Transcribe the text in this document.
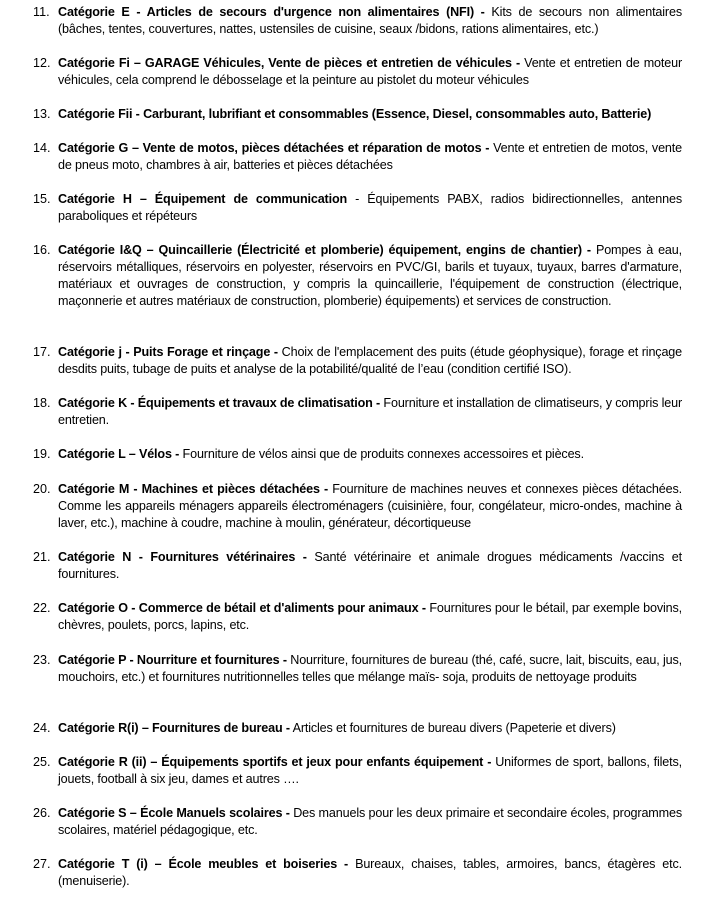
11. Catégorie E - Articles de secours d'urgence non alimentaires (NFI) - Kits de secours non alimentaires (bâches, tentes, couvertures, nattes, ustensiles de cuisine, seaux /bidons, rations alimentaires, etc.)
12. Catégorie Fi – GARAGE Véhicules, Vente de pièces et entretien de véhicules - Vente et entretien de moteur véhicules, cela comprend le débosselage et la peinture au pistolet du moteur véhicules
13. Catégorie Fii - Carburant, lubrifiant et consommables (Essence, Diesel, consommables auto, Batterie)
14. Catégorie G – Vente de motos, pièces détachées et réparation de motos - Vente et entretien de motos, vente de pneus moto, chambres à air, batteries et pièces détachées
15. Catégorie H – Équipement de communication - Équipements PABX, radios bidirectionnelles, antennes paraboliques et répéteurs
16. Catégorie I&Q – Quincaillerie (Électricité et plomberie) équipement, engins de chantier) - Pompes à eau, réservoirs métalliques, réservoirs en polyester, réservoirs en PVC/GI, barils et tuyaux, tuyaux, barres d'armature, matériaux et ouvrages de construction, y compris la quincaillerie, l'équipement de construction (électrique, maçonnerie et autres matériaux de construction, plomberie) équipements) et services de construction.
17. Catégorie j - Puits Forage et rinçage - Choix de l'emplacement des puits (étude géophysique), forage et rinçage desdits puits, tubage de puits et analyse de la potabilité/qualité de l’eau (condition certifié ISO).
18. Catégorie K - Équipements et travaux de climatisation - Fourniture et installation de climatiseurs, y compris leur entretien.
19. Catégorie L – Vélos - Fourniture de vélos ainsi que de produits connexes accessoires et pièces.
20. Catégorie M - Machines et pièces détachées - Fourniture de machines neuves et connexes pièces détachées. Comme les appareils ménagers appareils électroménagers (cuisinière, four, congélateur, micro-ondes, machine à laver, etc.), machine à coudre, machine à moulin, générateur, décortiqueuse
21. Catégorie N - Fournitures vétérinaires - Santé vétérinaire et animale drogues médicaments /vaccins et fournitures.
22. Catégorie O - Commerce de bétail et d'aliments pour animaux - Fournitures pour le bétail, par exemple bovins, chèvres, poulets, porcs, lapins, etc.
23. Catégorie P - Nourriture et fournitures - Nourriture, fournitures de bureau (thé, café, sucre, lait, biscuits, eau, jus, mouchoirs, etc.) et fournitures nutritionnelles telles que mélange maïs- soja, produits de nettoyage produits
24. Catégorie R(i) – Fournitures de bureau - Articles et fournitures de bureau divers (Papeterie et divers)
25. Catégorie R (ii) – Équipements sportifs et jeux pour enfants équipement - Uniformes de sport, ballons, filets, jouets, football à six jeu, dames et autres ….
26. Catégorie S – École Manuels scolaires - Des manuels pour les deux primaire et secondaire écoles, programmes scolaires, matériel pédagogique, etc.
27. Catégorie T (i) – École meubles et boiseries - Bureaux, chaises, tables, armoires, bancs, étagères etc. (menuiserie).
